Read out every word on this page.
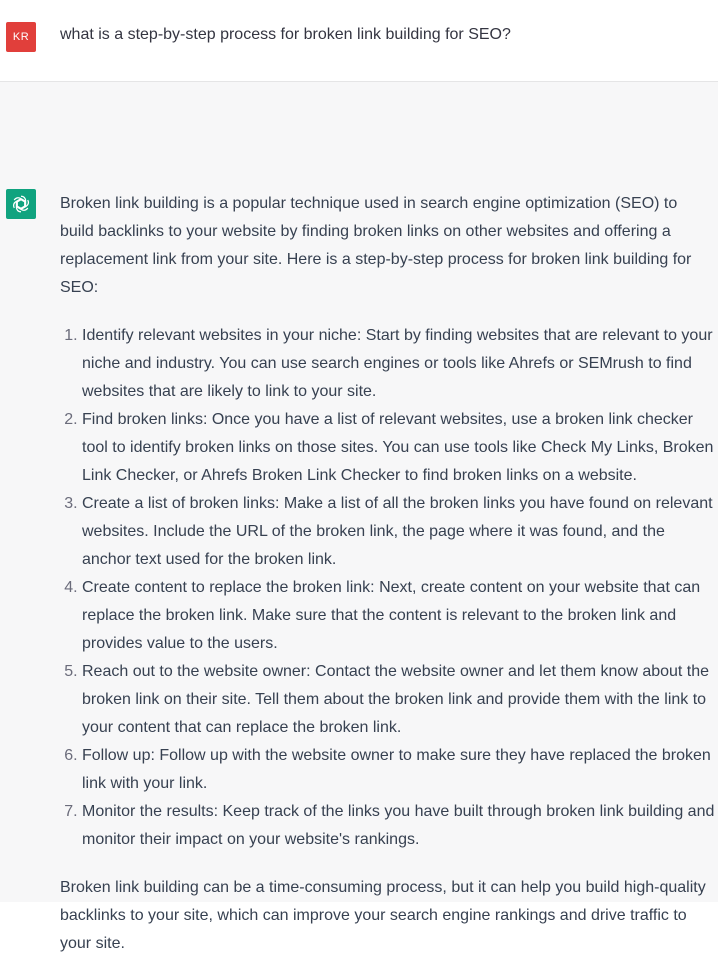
KR what is a step-by-step process for broken link building for SEO?

Broken link building is a popular technique used in search engine optimization (SEO) to build backlinks to your website by finding broken links on other websites and offering a replacement link from your site. Here is a step-by-step process for broken link building for SEO:

1. Identify relevant websites in your niche: Start by finding websites that are relevant to your niche and industry. You can use search engines or tools like Ahrefs or SEMrush to find websites that are likely to link to your site.
2. Find broken links: Once you have a list of relevant websites, use a broken link checker tool to identify broken links on those sites. You can use tools like Check My Links, Broken Link Checker, or Ahrefs Broken Link Checker to find broken links on a website.
3. Create a list of broken links: Make a list of all the broken links you have found on relevant websites. Include the URL of the broken link, the page where it was found, and the anchor text used for the broken link.
4. Create content to replace the broken link: Next, create content on your website that can replace the broken link. Make sure that the content is relevant to the broken link and provides value to the users.
5. Reach out to the website owner: Contact the website owner and let them know about the broken link on their site. Tell them about the broken link and provide them with the link to your content that can replace the broken link.
6. Follow up: Follow up with the website owner to make sure they have replaced the broken link with your link.
7. Monitor the results: Keep track of the links you have built through broken link building and monitor their impact on your website's rankings.

Broken link building can be a time-consuming process, but it can help you build high-quality backlinks to your site, which can improve your search engine rankings and drive traffic to your site.
